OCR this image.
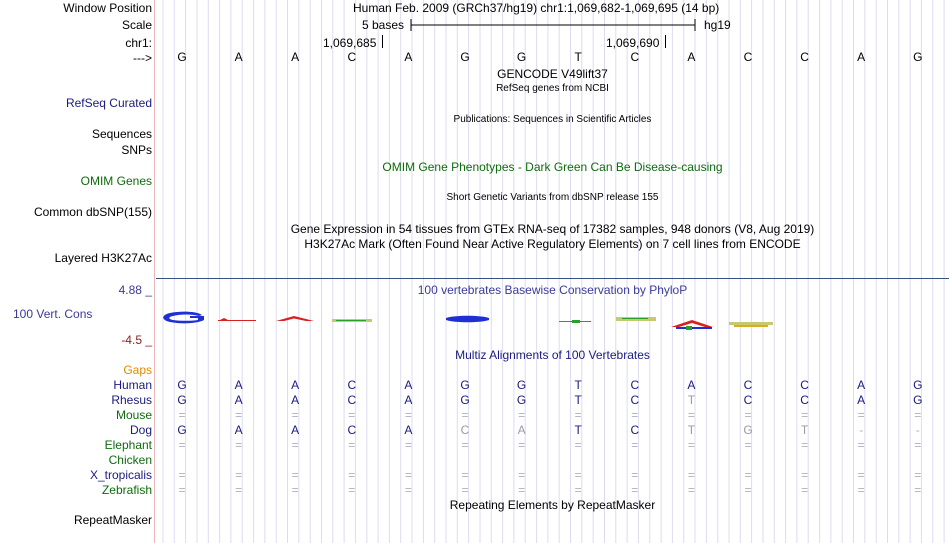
Window Position	Human Feb. 2009 (GRCh37/hg19) chr1:1,069,682-1,069,695 (14 bp)
Scale	5 bases	hg19
chr1:	1,069,685	1,069,690
--->	G	A	A	C	A	G	G	T	C	A	C	C	A	G
GENCODE V49lift37
RefSeq genes from NCBI
RefSeq Curated
Publications: Sequences in Scientific Articles
Sequences
SNPs
OMIM Gene Phenotypes - Dark Green Can Be Disease-causing
OMIM Genes
Short Genetic Variants from dbSNP release 155
Common dbSNP(155)
Gene Expression in 54 tissues from GTEx RNA-seq of 17382 samples, 948 donors (V8, Aug 2019)
H3K27Ac Mark (Often Found Near Active Regulatory Elements) on 7 cell lines from ENCODE
Layered H3K27Ac
4.88 _	100 vertebrates Basewise Conservation by PhyloP
100 Vert. Cons
-4.5 _
Multiz Alignments of 100 Vertebrates
Gaps
Human	G	A	A	C	A	G	G	T	C	A	C	C	A	G
Rhesus	G	A	A	C	A	G	G	T	C	T	C	C	A	G
Mouse	=	=	=	=	=	=	=	=	=	=	=	=	=	=
Dog	G	A	A	C	A	C	A	T	C	T	G	T	-	-
Elephant	=	=	=	=	=	=	=	=	=	=	=	=	=	=
Chicken
X_tropicalis	=	=	=	=	=	=	=	=	=	=	=	=	=	=
Zebrafish	=	=	=	=	=	=	=	=	=	=	=	=	=	=
Repeating Elements by RepeatMasker
RepeatMasker
